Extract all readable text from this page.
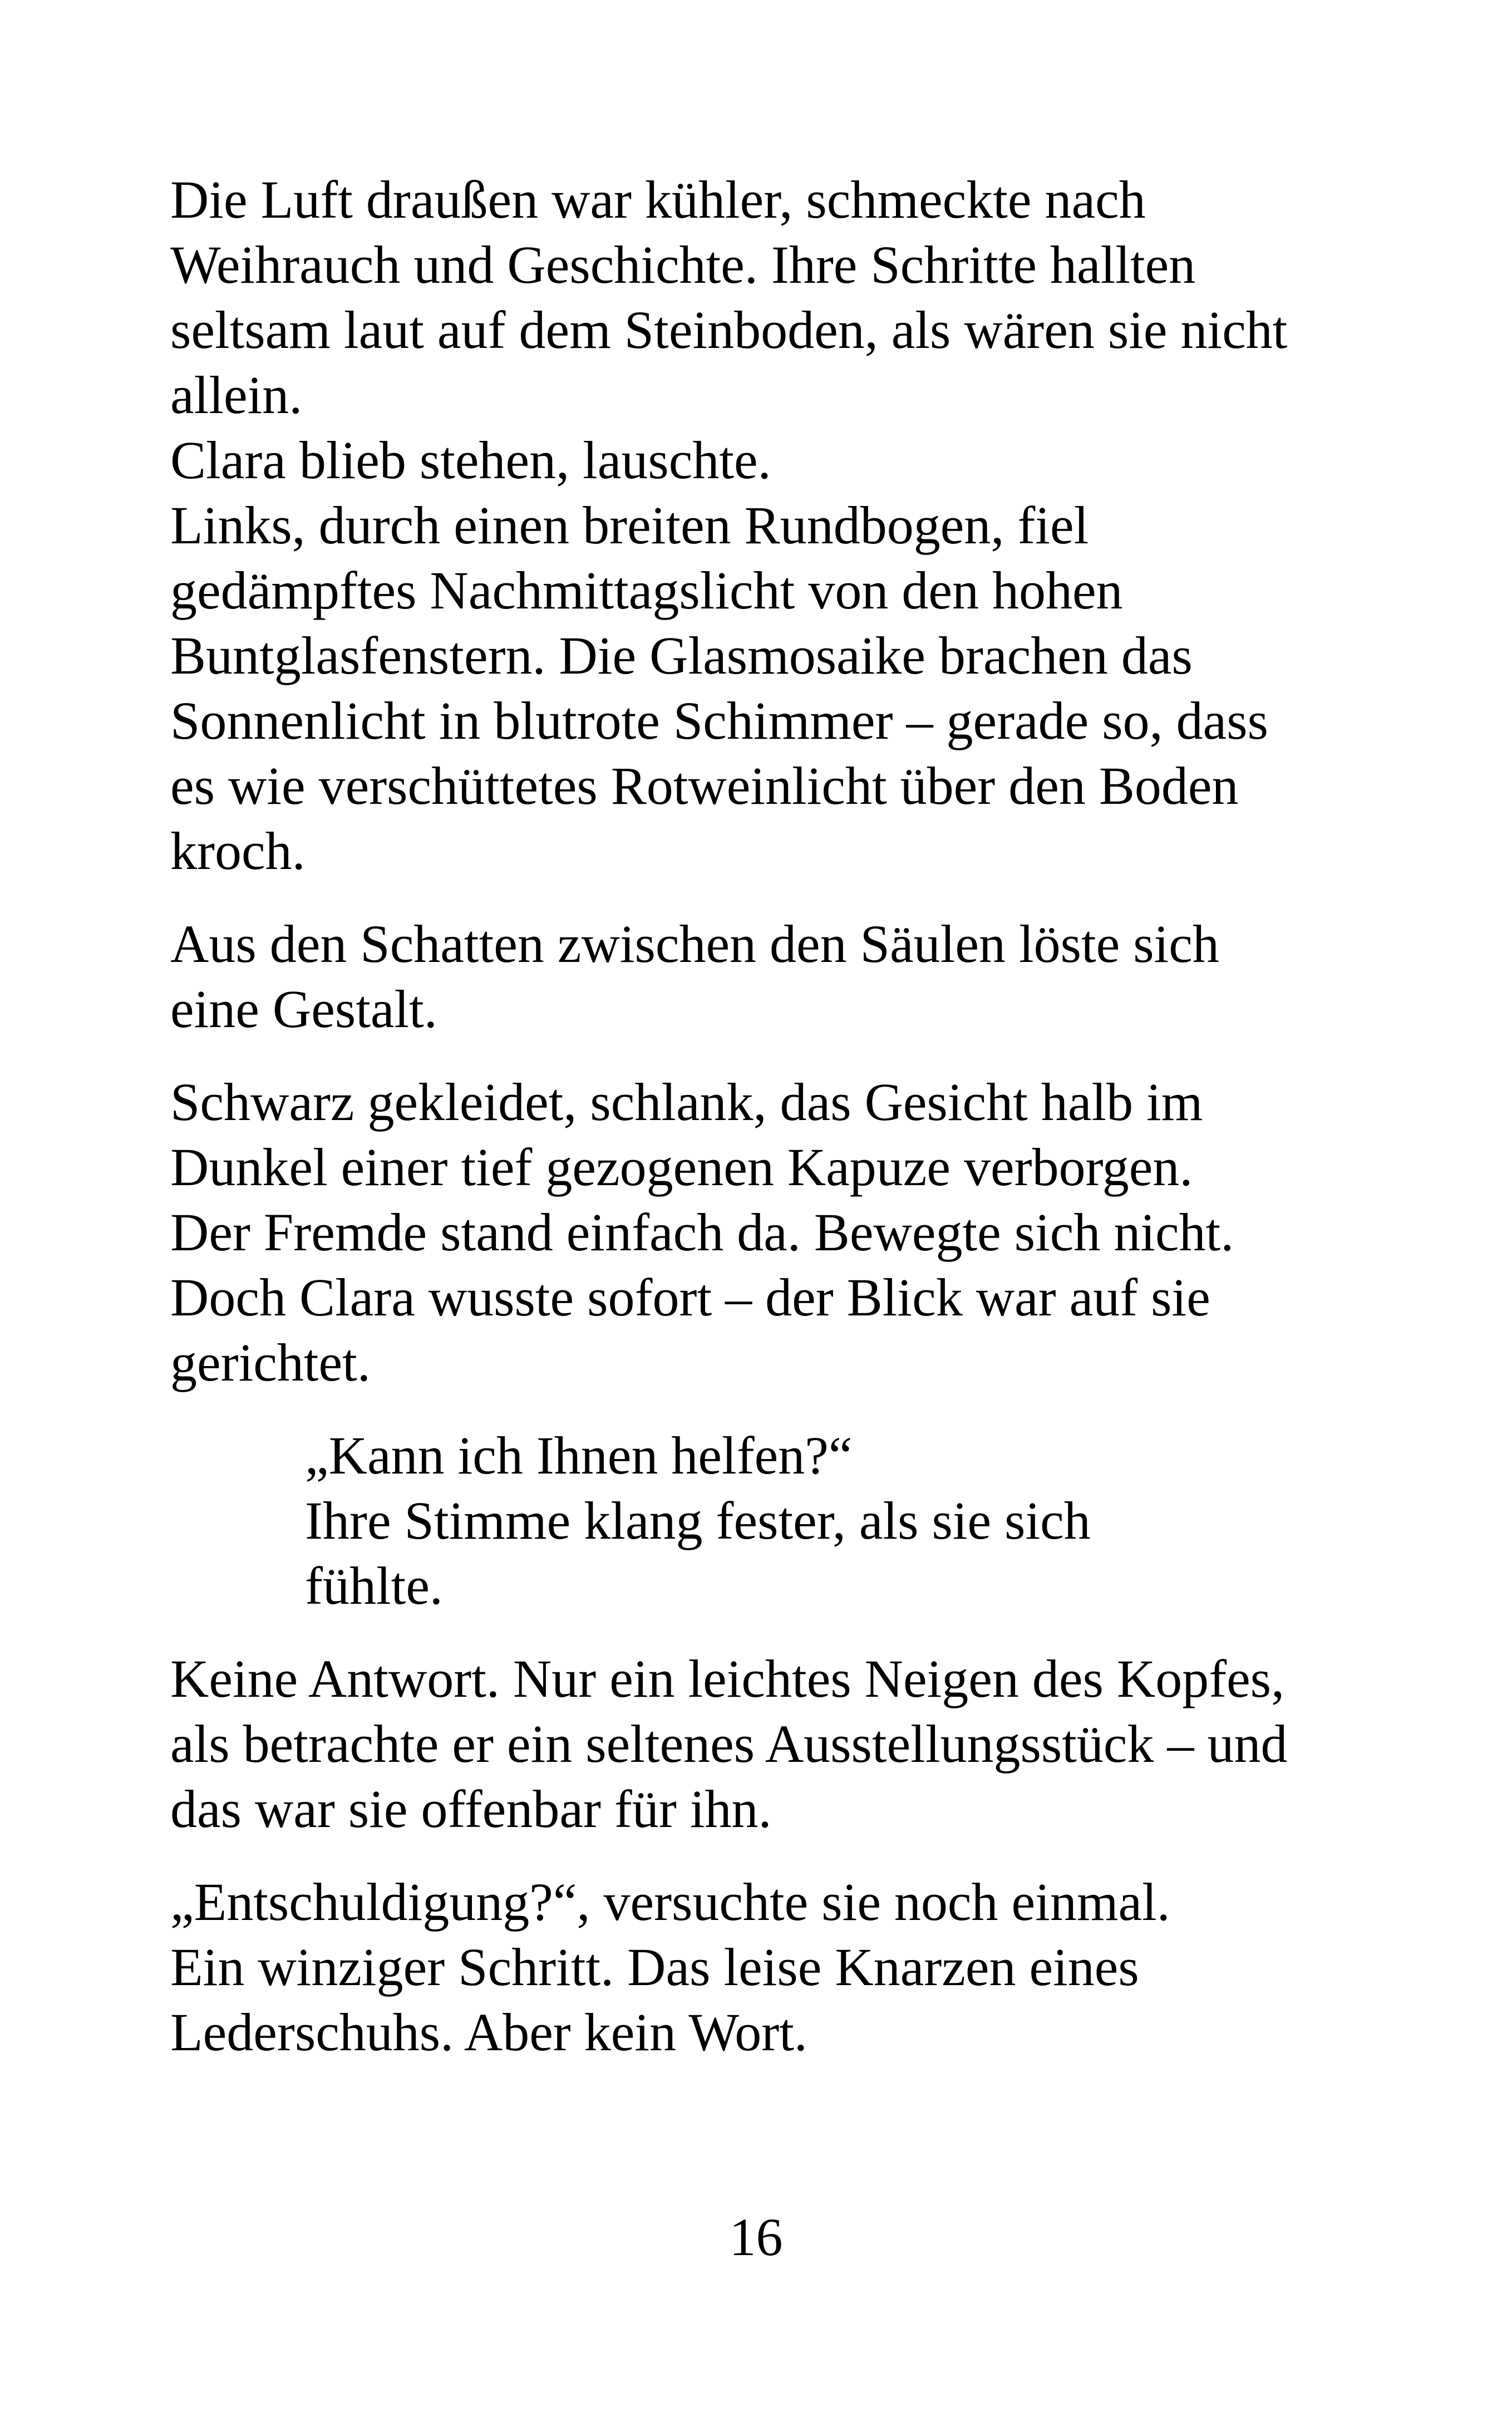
Die Luft draußen war kühler, schmeckte nach
Weihrauch und Geschichte. Ihre Schritte hallten
seltsam laut auf dem Steinboden, als wären sie nicht
allein.
Clara blieb stehen, lauschte.
Links, durch einen breiten Rundbogen, fiel
gedämpftes Nachmittagslicht von den hohen
Buntglasfenstern. Die Glasmosaike brachen das
Sonnenlicht in blutrote Schimmer – gerade so, dass
es wie verschüttetes Rotweinlicht über den Boden
kroch.
Aus den Schatten zwischen den Säulen löste sich
eine Gestalt.
Schwarz gekleidet, schlank, das Gesicht halb im
Dunkel einer tief gezogenen Kapuze verborgen.
Der Fremde stand einfach da. Bewegte sich nicht.
Doch Clara wusste sofort – der Blick war auf sie
gerichtet.
„Kann ich Ihnen helfen?“
Ihre Stimme klang fester, als sie sich
fühlte.
Keine Antwort. Nur ein leichtes Neigen des Kopfes,
als betrachte er ein seltenes Ausstellungsstück – und
das war sie offenbar für ihn.
„Entschuldigung?“, versuchte sie noch einmal.
Ein winziger Schritt. Das leise Knarzen eines
Lederschuhs. Aber kein Wort.
16
